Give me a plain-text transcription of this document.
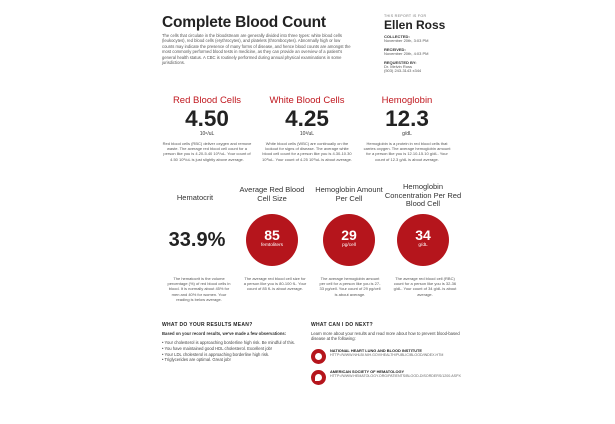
Complete Blood Count
The cells that circulate in the bloodstream are generally divided into three types: white blood cells (leukocytes), red blood cells (erythrocytes), and platelets (thrombocytes). Abnormally high or low counts may indicate the presence of many forms of disease, and hence blood counts are amongst the most commonly performed blood tests in medicine, as they can provide an overview of a patient's general health status. A CBC is routinely performed during annual physical examinations in some jurisdictions.
THIS REPORT IS FOR
Ellen Ross
COLLECTED:
November 20th, 3:03 PM
RECEIVED:
November 20th, 4:03 PM
REQUESTED BY:
Dr. Melvin Ross
(503) 243-3143 x344
Red Blood Cells
4.50
10⁶/uL
Red blood cells (RBC) deliver oxygen and remove waste. The average red blood cell count for a person like you is 4.20-5.40 10⁶/uL. Your count of 4.50 10⁶/uL is just slightly above average.
White Blood Cells
4.25
10³/uL
White blood cells (WBC) are continually on the lookout for signs of disease. The average white blood cell count for a person like you is 4.30-10.30 10³/uL. Your count of 4.25 10³/uL is about average.
Hemoglobin
12.3
g/dL
Hemoglobin is a protein in red blood cells that carries oxygen. The average hemoglobin amount for a person like you is 12.10-15.10 g/dL. Your count of 12.3 g/dL is about average.
Hematocrit
Average Red Blood Cell Size
Hemoglobin Amount Per Cell
Hemoglobin Concentration Per Red Blood Cell
33.9%	85
femtoliters
29
pg/cell
34
g/dL
The hematocrit is the volume percentage (%) of red blood cells in blood. It is normally about 45% for men and 40% for women. Your reading is below average.
The average red blood cell size for a person like you is 80-100 fL. Your count of 85 fL is about average.
The average hemoglobin amount per cell for a person like you is 27-33 pg/cell. Your count of 29 pg/cell is about average.
The average red blood cell (RBC) count for a person like you is 32-36 g/dL. Your count of 34 g/dL is about average.
WHAT DO YOUR RESULTS MEAN?
Based on your record results, we've made a few observations:
• Your cholesterol is approaching borderline high risk. Be mindful of this.
• You have maintained good HDL cholesterol. Excellent job!
• Your LDL cholesterol is approaching borderline high risk.
• Triglycerides are optimal. Great job!
WHAT CAN I DO NEXT?
Learn more about your results and read more about how to prevent blood-based disease at the following:
NATIONAL HEART LUNG AND BLOOD INSTITUTE
HTTP://WWW.NHLBI.NIH.GOV/HEALTH/PUBLIC/BLOOD/INDEX.HTM
AMERICAN SOCIETY OF HEMATOLOGY
HTTP://WWW.HEMATOLOGY.ORG/PATIENTS/BLOOD-DISORDERS/1200.ASPX
